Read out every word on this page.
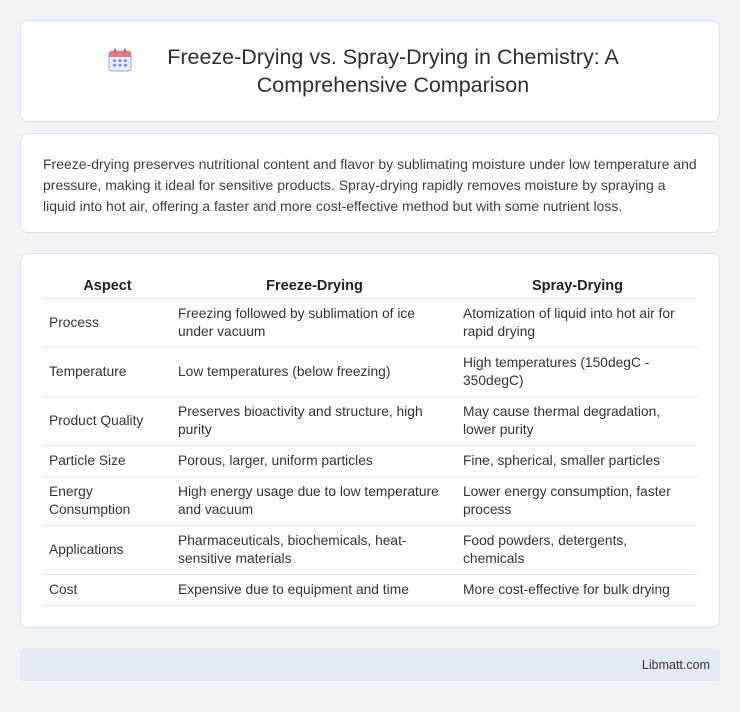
Freeze-Drying vs. Spray-Drying in Chemistry: A Comprehensive Comparison

Freeze-drying preserves nutritional content and flavor by sublimating moisture under low temperature and pressure, making it ideal for sensitive products. Spray-drying rapidly removes moisture by spraying a liquid into hot air, offering a faster and more cost-effective method but with some nutrient loss.

Aspect	Freeze-Drying	Spray-Drying
Process	Freezing followed by sublimation of ice under vacuum	Atomization of liquid into hot air for rapid drying
Temperature	Low temperatures (below freezing)	High temperatures (150degC - 350degC)
Product Quality	Preserves bioactivity and structure, high purity	May cause thermal degradation, lower purity
Particle Size	Porous, larger, uniform particles	Fine, spherical, smaller particles
Energy Consumption	High energy usage due to low temperature and vacuum	Lower energy consumption, faster process
Applications	Pharmaceuticals, biochemicals, heat-sensitive materials	Food powders, detergents, chemicals
Cost	Expensive due to equipment and time	More cost-effective for bulk drying
Libmatt.com
